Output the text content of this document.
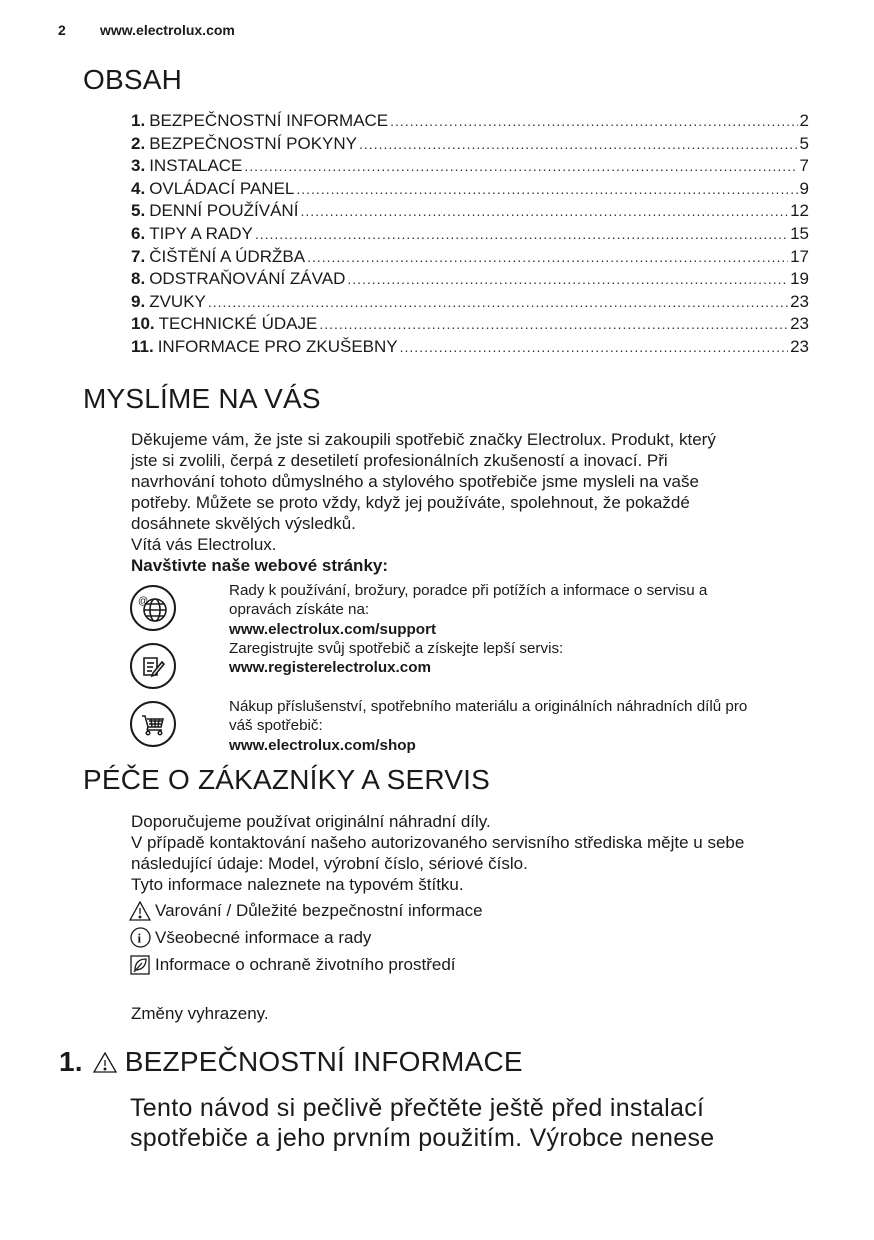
2 www.electrolux.com
OBSAH
1. BEZPEČNOSTNÍ INFORMACE .....	2
2. BEZPEČNOSTNÍ POKYNY .....	5
3. INSTALACE .....	7
4. OVLÁDACÍ PANEL .....	9
5. DENNÍ POUŽÍVÁNÍ .....	12
6. TIPY A RADY .....	15
7. ČIŠTĚNÍ A ÚDRŽBA .....	17
8. ODSTRAŇOVÁNÍ ZÁVAD .....	19
9. ZVUKY .....	23
10. TECHNICKÉ ÚDAJE .....	23
11. INFORMACE PRO ZKUŠEBNY .....	23
MYSLÍME NA VÁS
Děkujeme vám, že jste si zakoupili spotřebič značky Electrolux. Produkt, který
jste si zvolili, čerpá z desetiletí profesionálních zkušeností a inovací. Při
navrhování tohoto důmyslného a stylového spotřebiče jsme mysleli na vaše
potřeby. Můžete se proto vždy, když jej používáte, spolehnout, že pokaždé
dosáhnete skvělých výsledků.
Vítá vás Electrolux.
Navštivte naše webové stránky:
@
Rady k používání, brožury, poradce při potížích a informace o servisu a
opravách získáte na:
www.electrolux.com/support
Zaregistrujte svůj spotřebič a získejte lepší servis:
www.registerelectrolux.com
Nákup příslušenství, spotřebního materiálu a originálních náhradních dílů pro
váš spotřebič:
www.electrolux.com/shop
PÉČE O ZÁKAZNÍKY A SERVIS
Doporučujeme používat originální náhradní díly.
V případě kontaktování našeho autorizovaného servisního střediska mějte u sebe
následující údaje: Model, výrobní číslo, sériové číslo.
Tyto informace naleznete na typovém štítku.
Varování / Důležité bezpečnostní informace
i Všeobecné informace a rady
Informace o ochraně životního prostředí
Změny vyhrazeny.
1. BEZPEČNOSTNÍ INFORMACE
Tento návod si pečlivě přečtěte ještě před instalací
spotřebiče a jeho prvním použitím. Výrobce nenese
